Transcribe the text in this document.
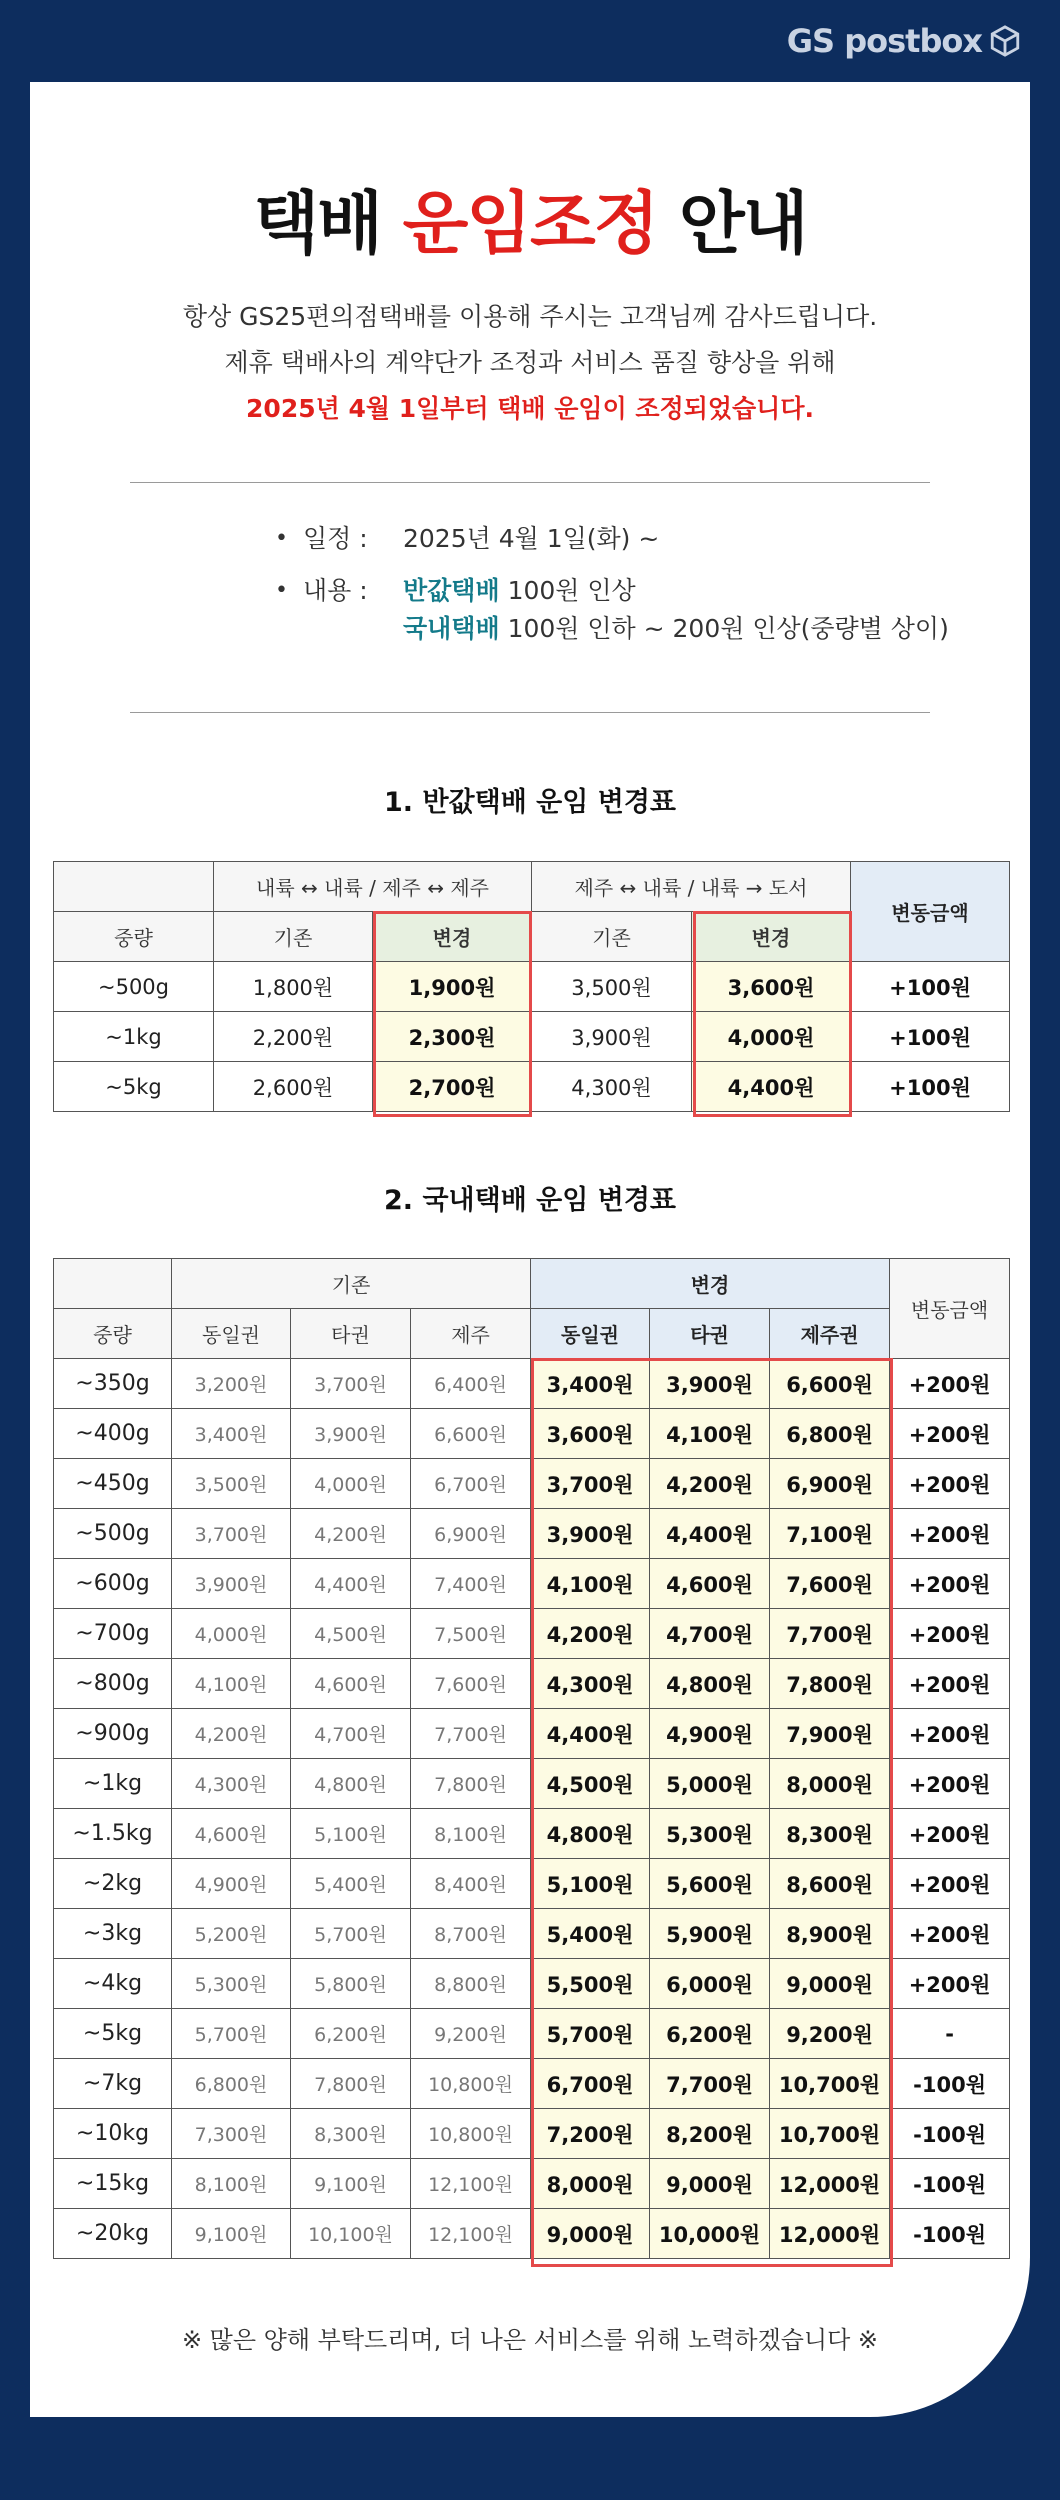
GS postbox
택배 운임조정 안내
항상 GS25편의점택배를 이용해 주시는 고객님께 감사드립니다.
제휴 택배사의 계약단가 조정과 서비스 품질 향상을 위해
2025년 4월 1일부터 택배 운임이 조정되었습니다.
• 일정 :	2025년 4월 1일(화) ~
• 내용 :	반값택배 100원 인상
국내택배 100원 인하 ~ 200원 인상(중량별 상이)
1. 반값택배 운임 변경표
	내륙 ↔ 내륙 / 제주 ↔ 제주		제주 ↔ 내륙 / 내륙 → 도서		변동금액
중량	기존	변경	기존	변경	
~500g	1,800원	1,900원	3,500원	3,600원	+100원
~1kg	2,200원	2,300원	3,900원	4,000원	+100원
~5kg	2,600원	2,700원	4,300원	4,400원	+100원
2. 국내택배 운임 변경표
	기존			변경			변동금액
중량	동일권	타권	제주	동일권	타권	제주권	
~350g	3,200원	3,700원	6,400원	3,400원	3,900원	6,600원	+200원
~400g	3,400원	3,900원	6,600원	3,600원	4,100원	6,800원	+200원
~450g	3,500원	4,000원	6,700원	3,700원	4,200원	6,900원	+200원
~500g	3,700원	4,200원	6,900원	3,900원	4,400원	7,100원	+200원
~600g	3,900원	4,400원	7,400원	4,100원	4,600원	7,600원	+200원
~700g	4,000원	4,500원	7,500원	4,200원	4,700원	7,700원	+200원
~800g	4,100원	4,600원	7,600원	4,300원	4,800원	7,800원	+200원
~900g	4,200원	4,700원	7,700원	4,400원	4,900원	7,900원	+200원
~1kg	4,300원	4,800원	7,800원	4,500원	5,000원	8,000원	+200원
~1.5kg	4,600원	5,100원	8,100원	4,800원	5,300원	8,300원	+200원
~2kg	4,900원	5,400원	8,400원	5,100원	5,600원	8,600원	+200원
~3kg	5,200원	5,700원	8,700원	5,400원	5,900원	8,900원	+200원
~4kg	5,300원	5,800원	8,800원	5,500원	6,000원	9,000원	+200원
~5kg	5,700원	6,200원	9,200원	5,700원	6,200원	9,200원	-
~7kg	6,800원	7,800원	10,800원	6,700원	7,700원	10,700원	-100원
~10kg	7,300원	8,300원	10,800원	7,200원	8,200원	10,700원	-100원
~15kg	8,100원	9,100원	12,100원	8,000원	9,000원	12,000원	-100원
~20kg	9,100원	10,100원	12,100원	9,000원	10,000원	12,000원	-100원
※ 많은 양해 부탁드리며, 더 나은 서비스를 위해 노력하겠습니다 ※
